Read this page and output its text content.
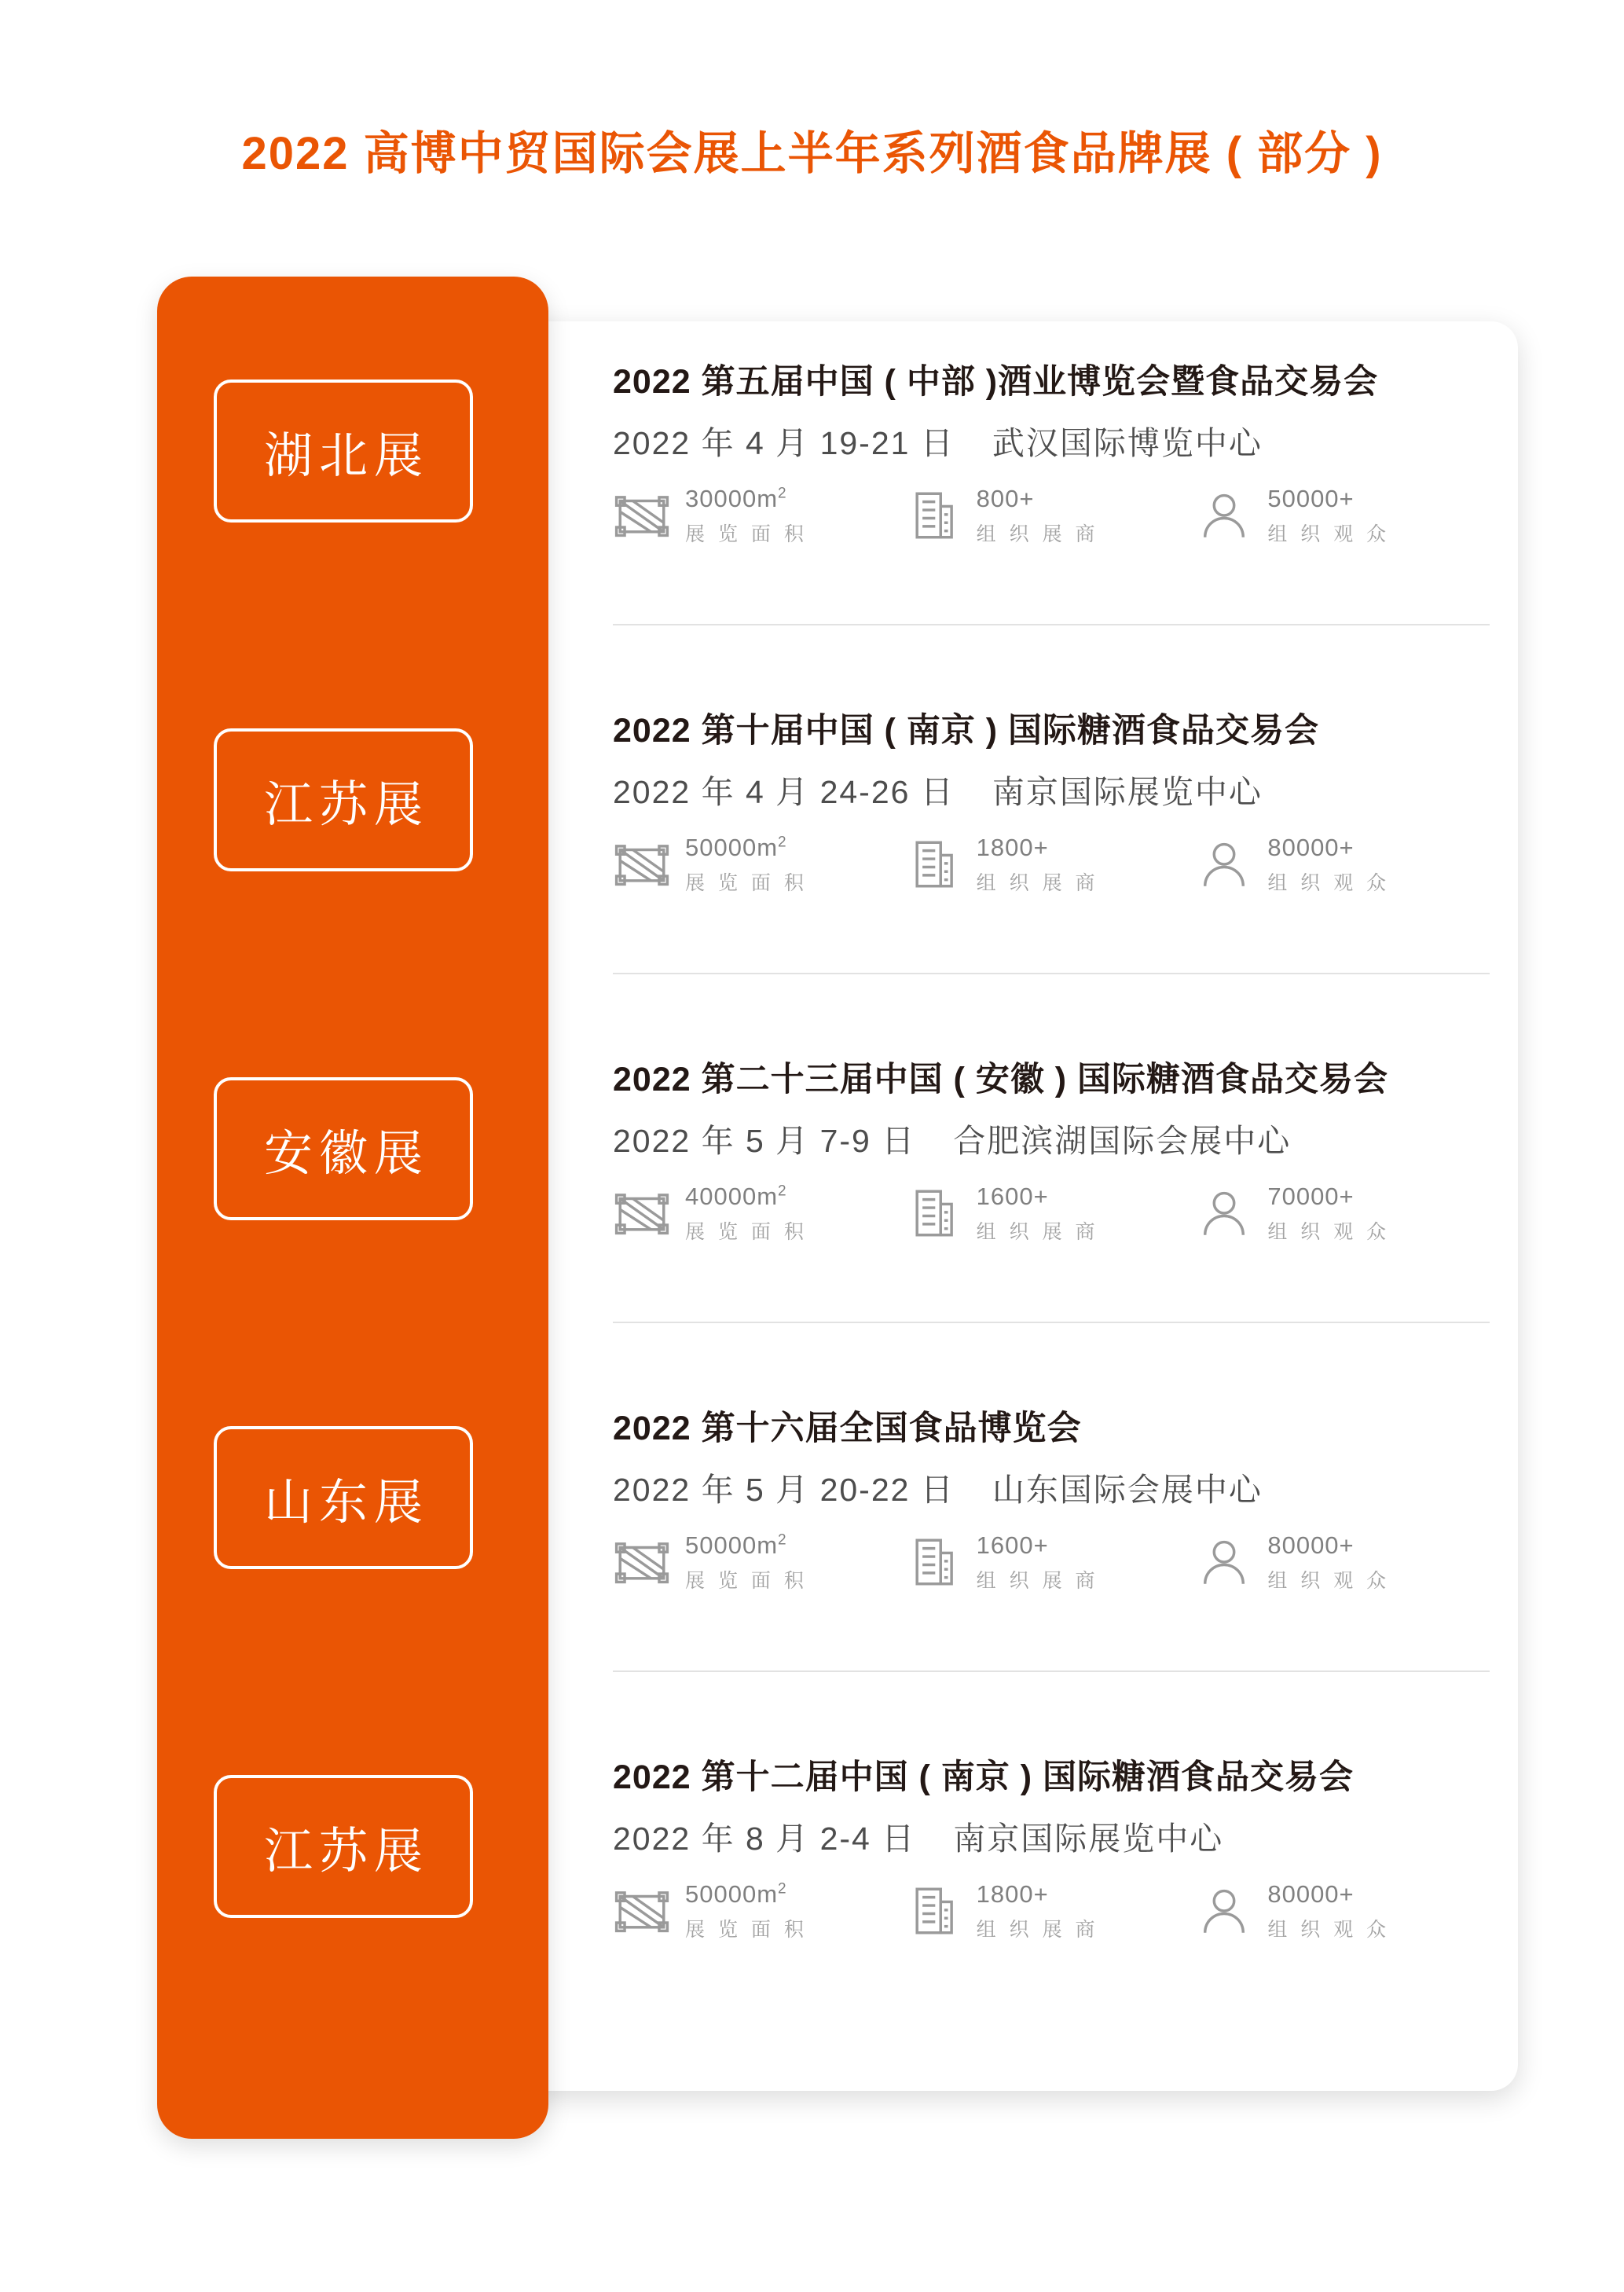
2022 高博中贸国际会展上半年系列酒食品牌展 ( 部分 )
湖北展
2022 第五届中国 ( 中部 )酒业博览会暨食品交易会
2022 年 4 月 19-21 日 武汉国际博览中心
$30000m^2$
展 览 面 积
800+
组 织 展 商
50000+
组 织 观 众
江苏展
2022 第十届中国 ( 南京 ) 国际糖酒食品交易会
2022 年 4 月 24-26 日 南京国际展览中心
$50000m^2$
展 览 面 积
1800+
组 织 展 商
80000+
组 织 观 众
安徽展
2022 第二十三届中国 ( 安徽 ) 国际糖酒食品交易会
2022 年 5 月 7-9 日 合肥滨湖国际会展中心
$40000m^2$
展 览 面 积
1600+
组 织 展 商
70000+
组 织 观 众
山东展
2022 第十六届全国食品博览会
2022 年 5 月 20-22 日 山东国际会展中心
$50000m^2$
展 览 面 积
1600+
组 织 展 商
80000+
组 织 观 众
江苏展
2022 第十二届中国 ( 南京 ) 国际糖酒食品交易会
2022 年 8 月 2-4 日 南京国际展览中心
$50000m^2$
展 览 面 积
1800+
组 织 展 商
80000+
组 织 观 众
